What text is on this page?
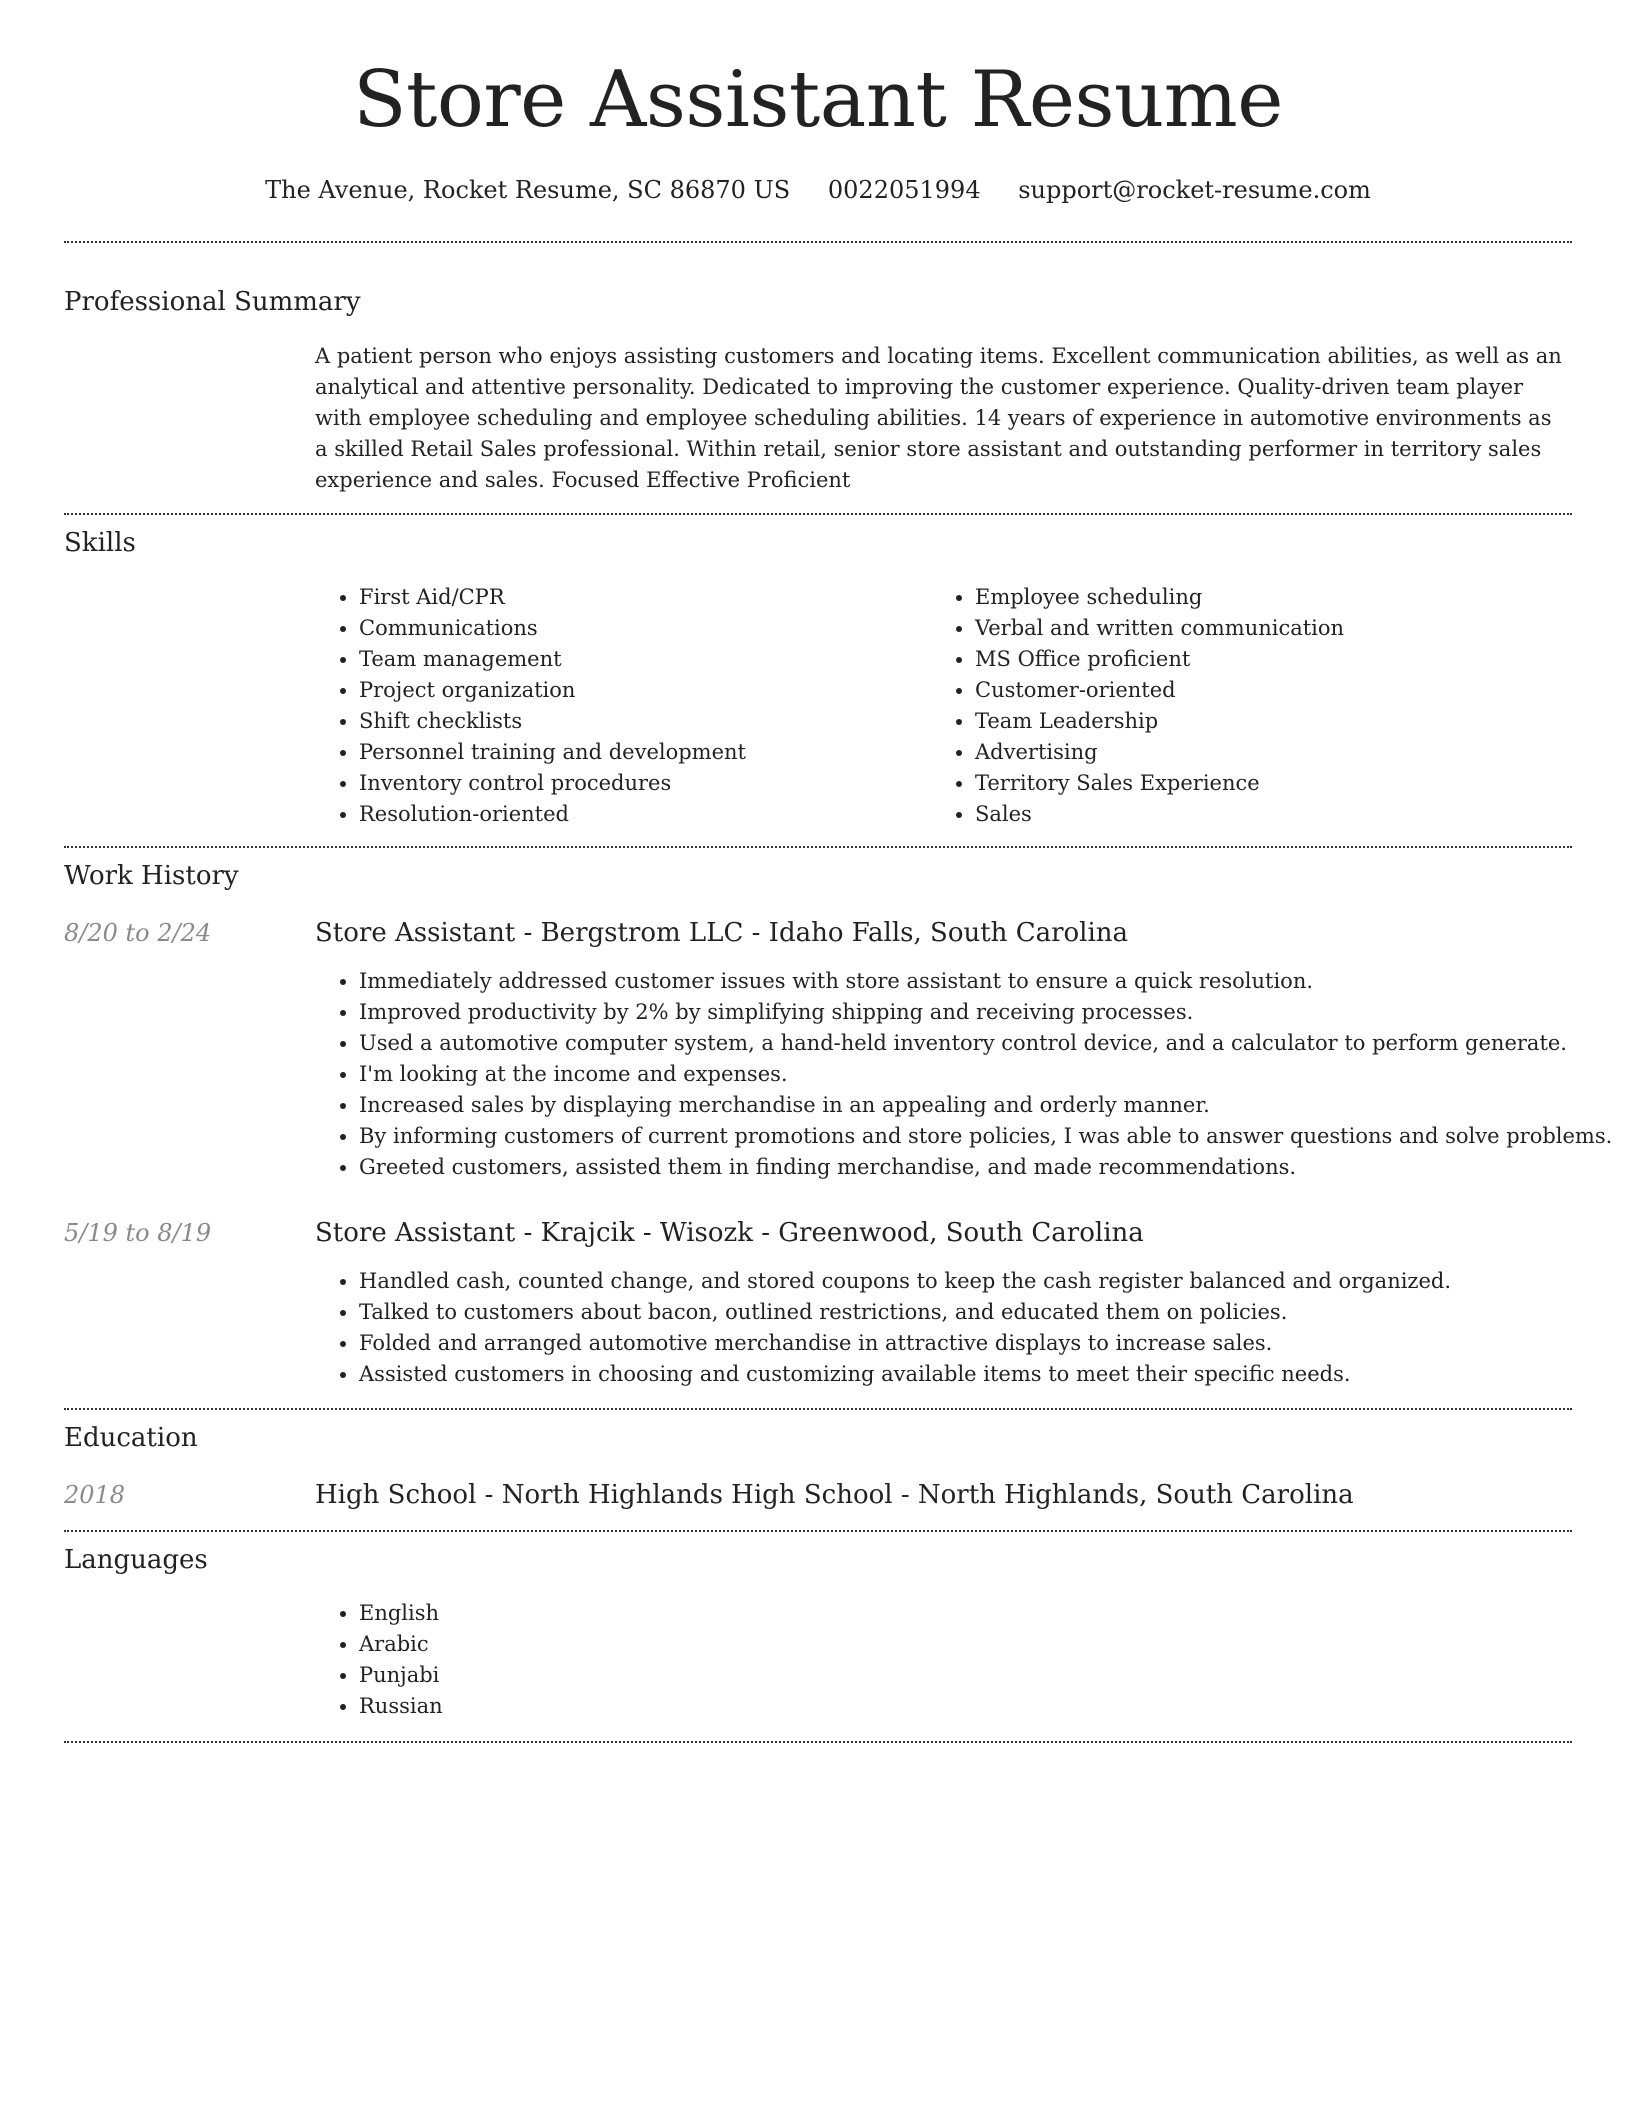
Store Assistant Resume
The Avenue, Rocket Resume, SC 86870 US 0022051994 support@rocket-resume.com
Professional Summary
A patient person who enjoys assisting customers and locating items. Excellent communication abilities, as well as an analytical and attentive personality. Dedicated to improving the customer experience. Quality-driven team player with employee scheduling and employee scheduling abilities. 14 years of experience in automotive environments as a skilled Retail Sales professional. Within retail, senior store assistant and outstanding performer in territory sales experience and sales. Focused Effective Proficient
Skills
• First Aid/CPR
• Communications
• Team management
• Project organization
• Shift checklists
• Personnel training and development
• Inventory control procedures
• Resolution-oriented
• Employee scheduling
• Verbal and written communication
• MS Office proficient
• Customer-oriented
• Team Leadership
• Advertising
• Territory Sales Experience
• Sales
Work History
8/20 to 2/24	Store Assistant - Bergstrom LLC - Idaho Falls, South Carolina
• Immediately addressed customer issues with store assistant to ensure a quick resolution.
• Improved productivity by 2% by simplifying shipping and receiving processes.
• Used a automotive computer system, a hand-held inventory control device, and a calculator to perform generate.
• I'm looking at the income and expenses.
• Increased sales by displaying merchandise in an appealing and orderly manner.
• By informing customers of current promotions and store policies, I was able to answer questions and solve problems.
• Greeted customers, assisted them in finding merchandise, and made recommendations.
5/19 to 8/19	Store Assistant - Krajcik - Wisozk - Greenwood, South Carolina
• Handled cash, counted change, and stored coupons to keep the cash register balanced and organized.
• Talked to customers about bacon, outlined restrictions, and educated them on policies.
• Folded and arranged automotive merchandise in attractive displays to increase sales.
• Assisted customers in choosing and customizing available items to meet their specific needs.
Education
2018	High School - North Highlands High School - North Highlands, South Carolina
Languages
• English
• Arabic
• Punjabi
• Russian
